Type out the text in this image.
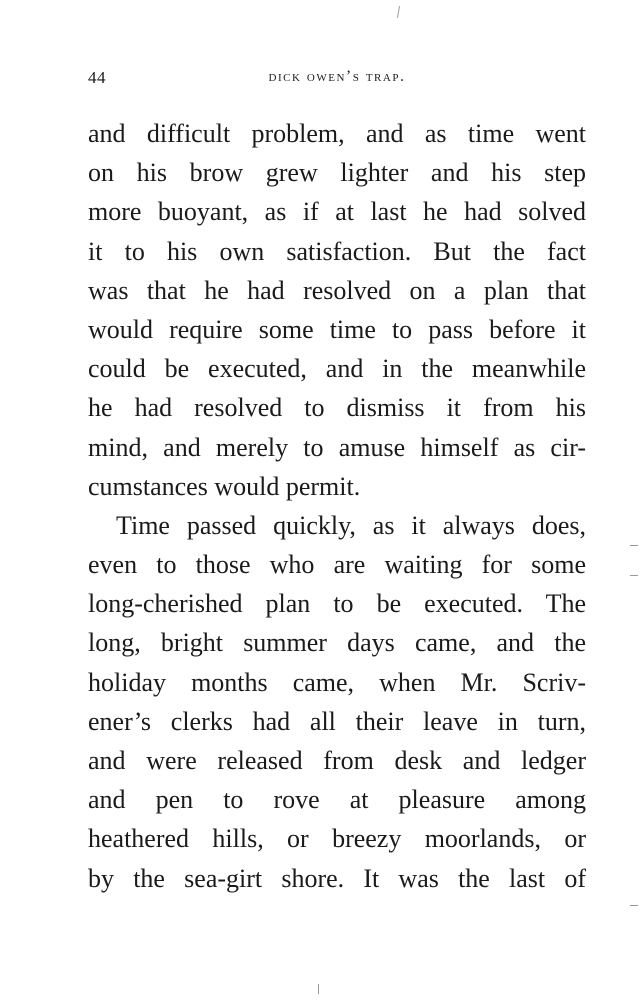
44	dick owen’s trap.
and difficult problem, and as time went
on his brow grew lighter and his step
more buoyant, as if at last he had solved
it to his own satisfaction. But the fact
was that he had resolved on a plan that
would require some time to pass before it
could be executed, and in the meanwhile
he had resolved to dismiss it from his
mind, and merely to amuse himself as cir-
cumstances would permit.
Time passed quickly, as it always does,
even to those who are waiting for some
long-cherished plan to be executed. The
long, bright summer days came, and the
holiday months came, when Mr. Scriv-
ener’s clerks had all their leave in turn,
and were released from desk and ledger
and pen to rove at pleasure among
heathered hills, or breezy moorlands, or
by the sea-girt shore. It was the last of
